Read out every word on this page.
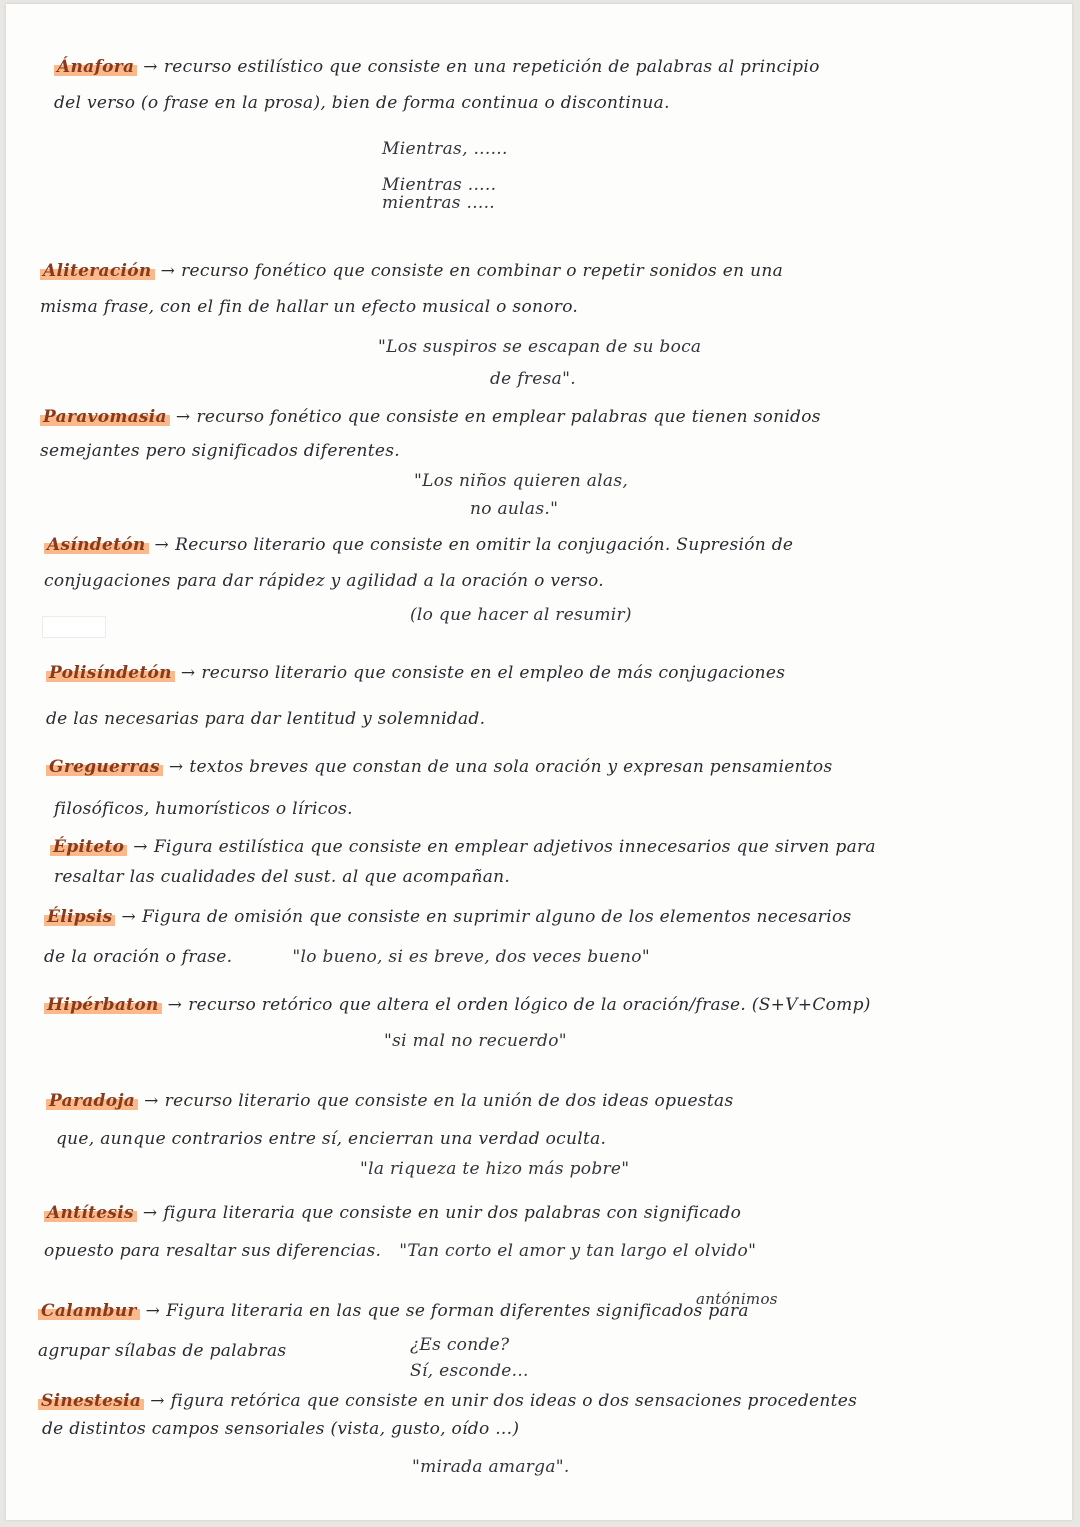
Ánafora → recurso estilístico que consiste en una repetición de palabras al principio
del verso (o frase en la prosa), bien de forma continua o discontinua.
Mientras, ......
Mientras .....
mientras .....
Aliteración → recurso fonético que consiste en combinar o repetir sonidos en una
misma frase, con el fin de hallar un efecto musical o sonoro.
"Los suspiros se escapan de su boca
de fresa".
Paravomasia → recurso fonético que consiste en emplear palabras que tienen sonidos
semejantes pero significados diferentes.
"Los niños quieren alas,
no aulas."
Asíndetón → Recurso literario que consiste en omitir la conjugación. Supresión de
conjugaciones para dar rápidez y agilidad a la oración o verso.
(lo que hacer al resumir)
Polisíndetón → recurso literario que consiste en el empleo de más conjugaciones
de las necesarias para dar lentitud y solemnidad.
Greguerras → textos breves que constan de una sola oración y expresan pensamientos
filosóficos, humorísticos o líricos.
Épiteto → Figura estilística que consiste en emplear adjetivos innecesarios que sirven para
resaltar las cualidades del sust. al que acompañan.
Élipsis → Figura de omisión que consiste en suprimir alguno de los elementos necesarios
de la oración o frase.	"lo bueno, si es breve, dos veces bueno"
Hipérbaton → recurso retórico que altera el orden lógico de la oración/frase. (S+V+Comp)
"si mal no recuerdo"
Paradoja → recurso literario que consiste en la unión de dos ideas opuestas
que, aunque contrarios entre sí, encierran una verdad oculta.
"la riqueza te hizo más pobre"
Antítesis → figura literaria que consiste en unir dos palabras con significado
opuesto para resaltar sus diferencias. "Tan corto el amor y tan largo el olvido"
antónimos
Calambur → Figura literaria en las que se forman diferentes significados para
agrupar sílabas de palabras	¿Es conde?
Sí, esconde...
Sinestesia → figura retórica que consiste en unir dos ideas o dos sensaciones procedentes
de distintos campos sensoriales (vista, gusto, oído ...)
"mirada amarga".
